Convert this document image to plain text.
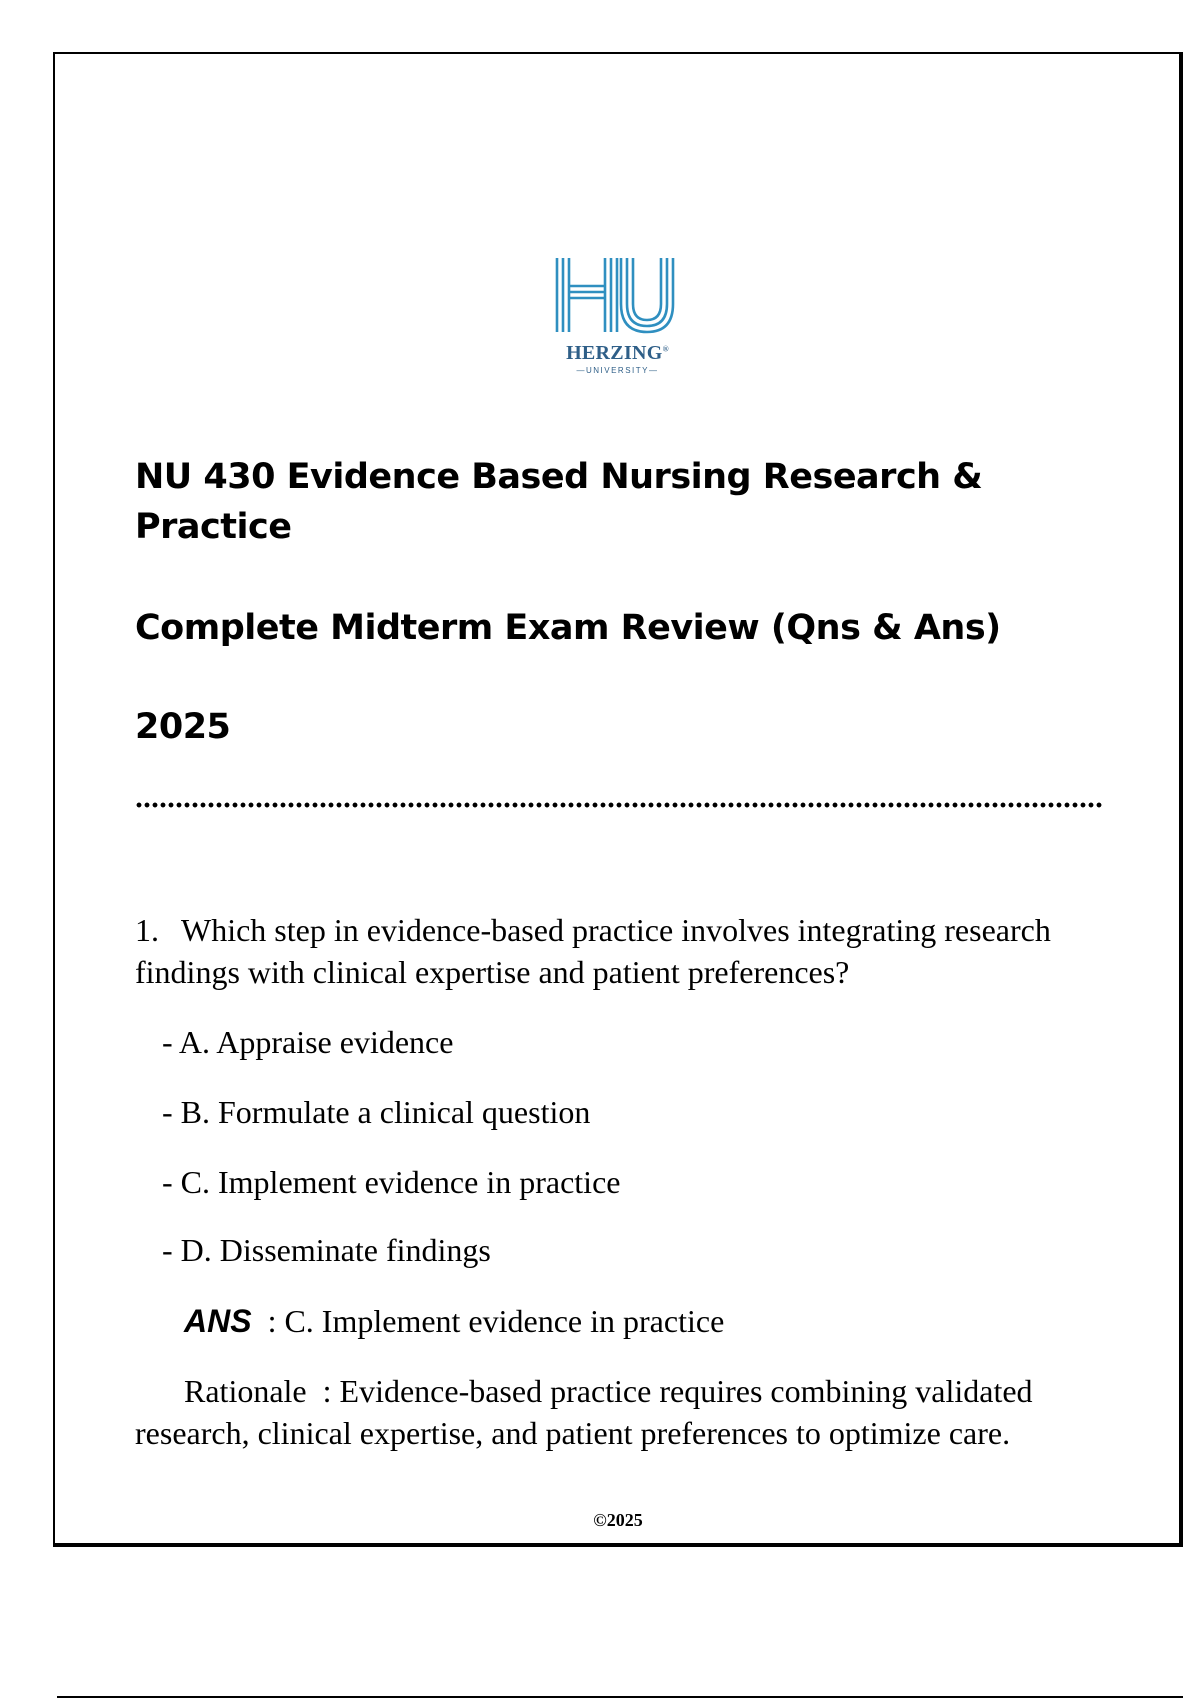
HERZING®
—UNIVERSITY—
NU 430 Evidence Based Nursing Research & Practice
Complete Midterm Exam Review (Qns & Ans)
2025
1. Which step in evidence-based practice involves integrating research findings with clinical expertise and patient preferences?
- A. Appraise evidence
- B. Formulate a clinical question
- C. Implement evidence in practice
- D. Disseminate findings
ANS : C. Implement evidence in practice
Rationale : Evidence-based practice requires combining validated research, clinical expertise, and patient preferences to optimize care.
©2025
